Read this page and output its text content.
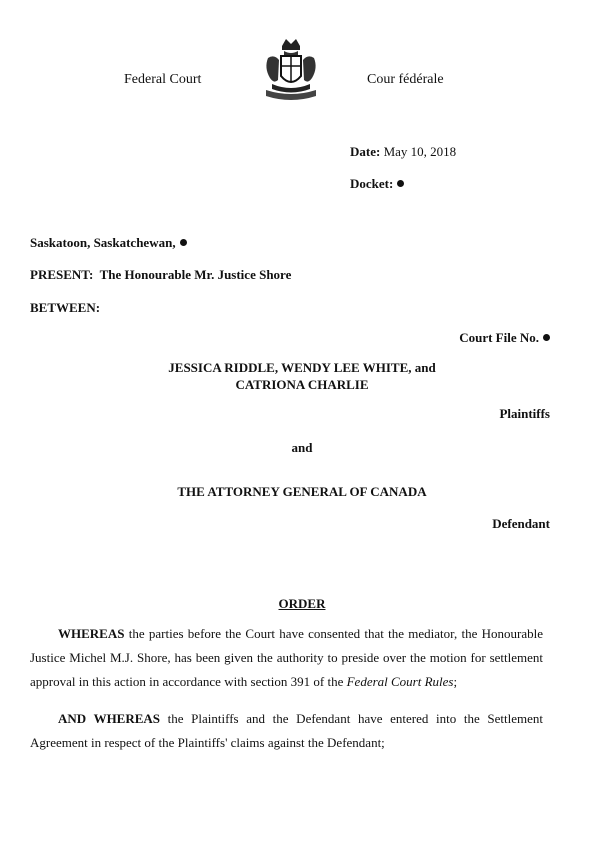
Federal Court	Cour fédérale
Date: May 10, 2018
Docket:
Saskatoon, Saskatchewan,
PRESENT: The Honourable Mr. Justice Shore
BETWEEN:
Court File No.
JESSICA RIDDLE, WENDY LEE WHITE, and
CATRIONA CHARLIE
Plaintiffs
and
THE ATTORNEY GENERAL OF CANADA
Defendant
ORDER
WHEREAS the parties before the Court have consented that the mediator, the Honourable Justice Michel M.J. Shore, has been given the authority to preside over the motion for settlement approval in this action in accordance with section 391 of the Federal Court Rules;
AND WHEREAS the Plaintiffs and the Defendant have entered into the Settlement Agreement in respect of the Plaintiffs' claims against the Defendant;
